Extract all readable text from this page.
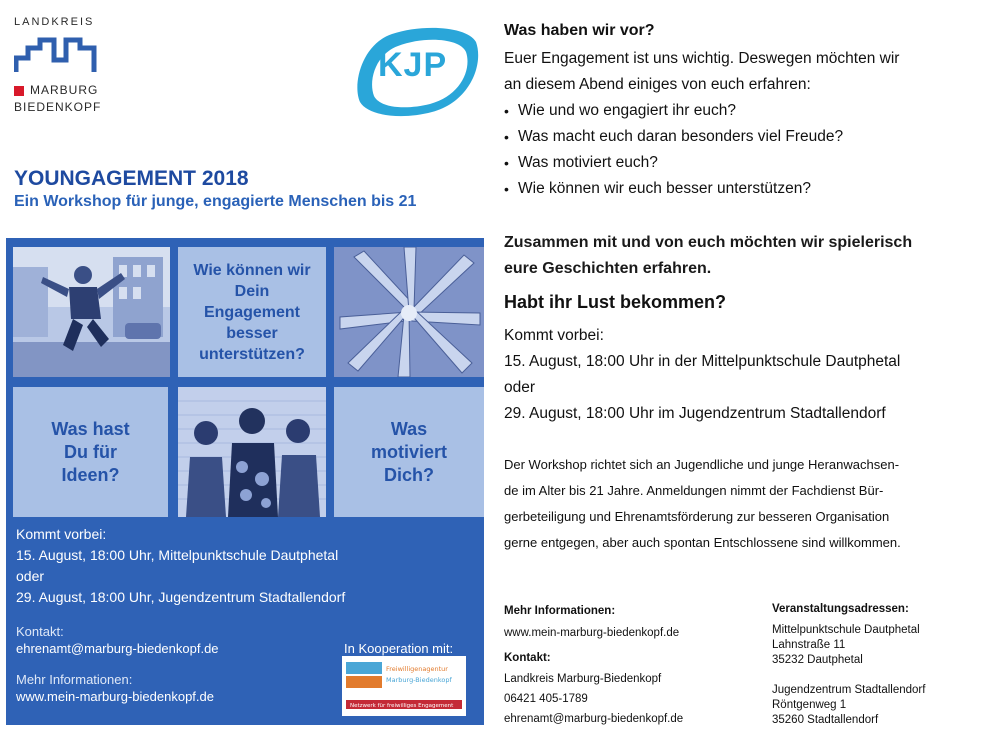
LANDKREIS
MARBURG
BIEDENKOPF
KJP
YOUNGAGEMENT 2018
Ein Workshop für junge, engagierte Menschen bis 21
Wie können wir
Dein
Engagement
besser
unterstützen?
Was hast
Du für
Ideen?
Was
motiviert
Dich?
Kommt vorbei:
15. August, 18:00 Uhr, Mittelpunktschule Dautphetal
oder
29. August, 18:00 Uhr, Jugendzentrum Stadtallendorf
Kontakt:
ehrenamt@marburg-biedenkopf.de
Mehr Informationen:
www.mein-marburg-biedenkopf.de
In Kooperation mit:
Freiwilligenagentur
Marburg-Biedenkopf
Netzwerk für freiwilliges Engagement
Was haben wir vor?
Euer Engagement ist uns wichtig. Deswegen möchten wir
an diesem Abend einiges von euch erfahren:
• Wie und wo engagiert ihr euch?
• Was macht euch daran besonders viel Freude?
• Was motiviert euch?
• Wie können wir euch besser unterstützen?
Zusammen mit und von euch möchten wir spielerisch
eure Geschichten erfahren.
Habt ihr Lust bekommen?
Kommt vorbei:
15. August, 18:00 Uhr in der Mittelpunktschule Dautphetal
oder
29. August, 18:00 Uhr im Jugendzentrum Stadtallendorf
Der Workshop richtet sich an Jugendliche und junge Heranwachsen-
de im Alter bis 21 Jahre. Anmeldungen nimmt der Fachdienst Bür-
gerbeteiligung und Ehrenamtsförderung zur besseren Organisation
gerne entgegen, aber auch spontan Entschlossene sind willkommen.
Mehr Informationen:
www.mein-marburg-biedenkopf.de
Kontakt:
Landkreis Marburg-Biedenkopf
06421 405-1789
ehrenamt@marburg-biedenkopf.de
Veranstaltungsadressen:
Mittelpunktschule Dautphetal
Lahnstraße 11
35232 Dautphetal
Jugendzentrum Stadtallendorf
Röntgenweg 1
35260 Stadtallendorf
